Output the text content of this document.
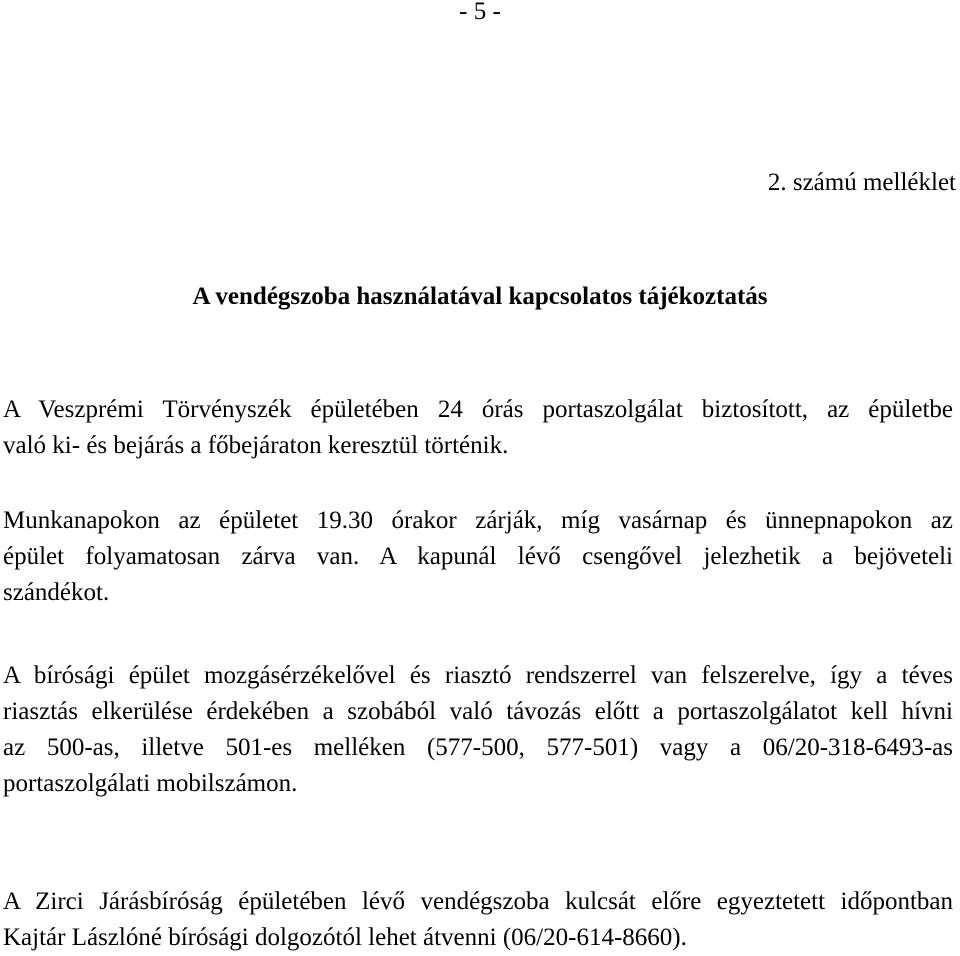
- 5 -
2. számú melléklet
A vendégszoba használatával kapcsolatos tájékoztatás
A Veszprémi Törvényszék épületében 24 órás portaszolgálat biztosított, az épületbe
való ki- és bejárás a főbejáraton keresztül történik.
Munkanapokon az épületet 19.30 órakor zárják, míg vasárnap és ünnepnapokon az
épület folyamatosan zárva van. A kapunál lévő csengővel jelezhetik a bejöveteli
szándékot.
A bírósági épület mozgásérzékelővel és riasztó rendszerrel van felszerelve, így a téves
riasztás elkerülése érdekében a szobából való távozás előtt a portaszolgálatot kell hívni
az 500-as, illetve 501-es melléken (577-500, 577-501) vagy a 06/20-318-6493-as
portaszolgálati mobilszámon.
A Zirci Járásbíróság épületében lévő vendégszoba kulcsát előre egyeztetett időpontban
Kajtár Lászlóné bírósági dolgozótól lehet átvenni (06/20-614-8660).
